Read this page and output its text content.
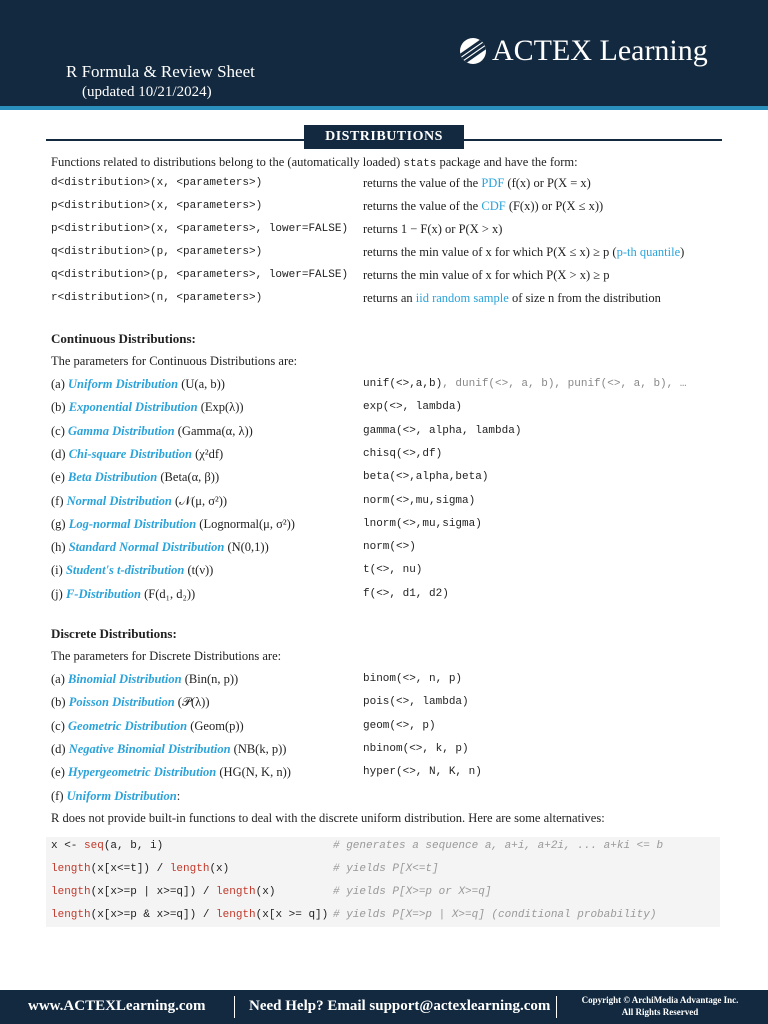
ACTEX Learning
R Formula & Review Sheet
(updated 10/21/2024)
DISTRIBUTIONS
Functions related to distributions belong to the (automatically loaded) stats package and have the form:
d<distribution>(x, <parameters>)	returns the value of the PDF (f(x) or P(X = x)
p<distribution>(x, <parameters>)	returns the value of the CDF (F(x)) or P(X ≤ x))
p<distribution>(x, <parameters>, lower=FALSE) returns 1 − F(x) or P(X > x)
q<distribution>(p, <parameters>)	returns the min value of x for which P(X ≤ x) ≥ p (p-th quantile)
q<distribution>(p, <parameters>, lower=FALSE) returns the min value of x for which P(X > x) ≥ p
r<distribution>(n, <parameters>)	returns an iid random sample of size n from the distribution
Continuous Distributions:
The parameters for Continuous Distributions are:
(a) Uniform Distribution (U(a, b))	unif(<>,a,b), dunif(<>, a, b), punif(<>, a, b), …
(b) Exponential Distribution (Exp(λ))	exp(<>, lambda)
(c) Gamma Distribution (Gamma(α, λ))	gamma(<>, alpha, lambda)
(d) Chi-square Distribution (χ²df)	chisq(<>,df)
(e) Beta Distribution (Beta(α, β))	beta(<>,alpha,beta)
(f) Normal Distribution (𝒩(μ, σ²))	norm(<>,mu,sigma)
(g) Log-normal Distribution (Lognormal(μ, σ²))	lnorm(<>,mu,sigma)
(h) Standard Normal Distribution (N(0,1))	norm(<>)
(i) Student's t-distribution (t(ν))	t(<>, nu)
(j) F-Distribution (F(d₁, d₂))	f(<>, d1, d2)
Discrete Distributions:
The parameters for Discrete Distributions are:
(a) Binomial Distribution (Bin(n, p))	binom(<>, n, p)
(b) Poisson Distribution (𝒫(λ))	pois(<>, lambda)
(c) Geometric Distribution (Geom(p))	geom(<>, p)
(d) Negative Binomial Distribution (NB(k, p))	nbinom(<>, k, p)
(e) Hypergeometric Distribution (HG(N, K, n))	hyper(<>, N, K, n)
(f) Uniform Distribution:
R does not provide built-in functions to deal with the discrete uniform distribution. Here are some alternatives:
x <- seq(a, b, i)	# generates a sequence a, a+i, a+2i, ... a+ki <= b
length(x[x<=t]) / length(x)	# yields P[X<=t]
length(x[x>=p | x>=q]) / length(x)	# yields P[X>=p or X>=q]
length(x[x>=p & x>=q]) / length(x[x >= q]) # yields P[X=>p | X>=q] (conditional probability)
www.ACTEXLearning.com	Need Help? Email support@actexlearning.com	Copyright © ArchiMedia Advantage Inc.
All Rights Reserved
